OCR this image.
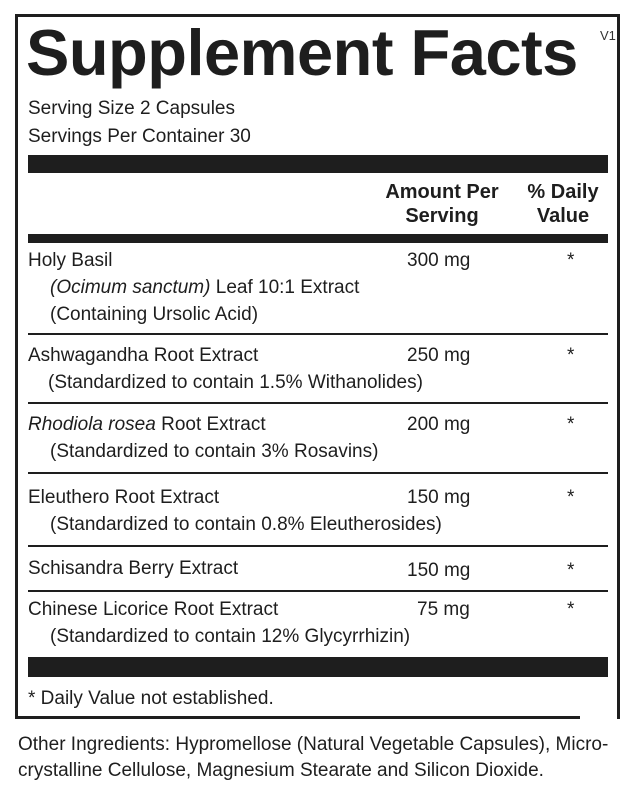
Supplement Facts V1
Serving Size 2 Capsules
Servings Per Container 30
Amount Per
Serving
% Daily
Value
Holy Basil
(Ocimum sanctum) Leaf 10:1 Extract
(Containing Ursolic Acid)
300 mg	*
Ashwagandha Root Extract
(Standardized to contain 1.5% Withanolides)
250 mg	*
Rhodiola rosea Root Extract
(Standardized to contain 3% Rosavins)
200 mg	*
Eleuthero Root Extract
(Standardized to contain 0.8% Eleutherosides)
150 mg	*
Schisandra Berry Extract	150 mg	*
Chinese Licorice Root Extract
(Standardized to contain 12% Glycyrrhizin)
75 mg	*
* Daily Value not established.
Other Ingredients: Hypromellose (Natural Vegetable Capsules), Micro-
crystalline Cellulose, Magnesium Stearate and Silicon Dioxide.
